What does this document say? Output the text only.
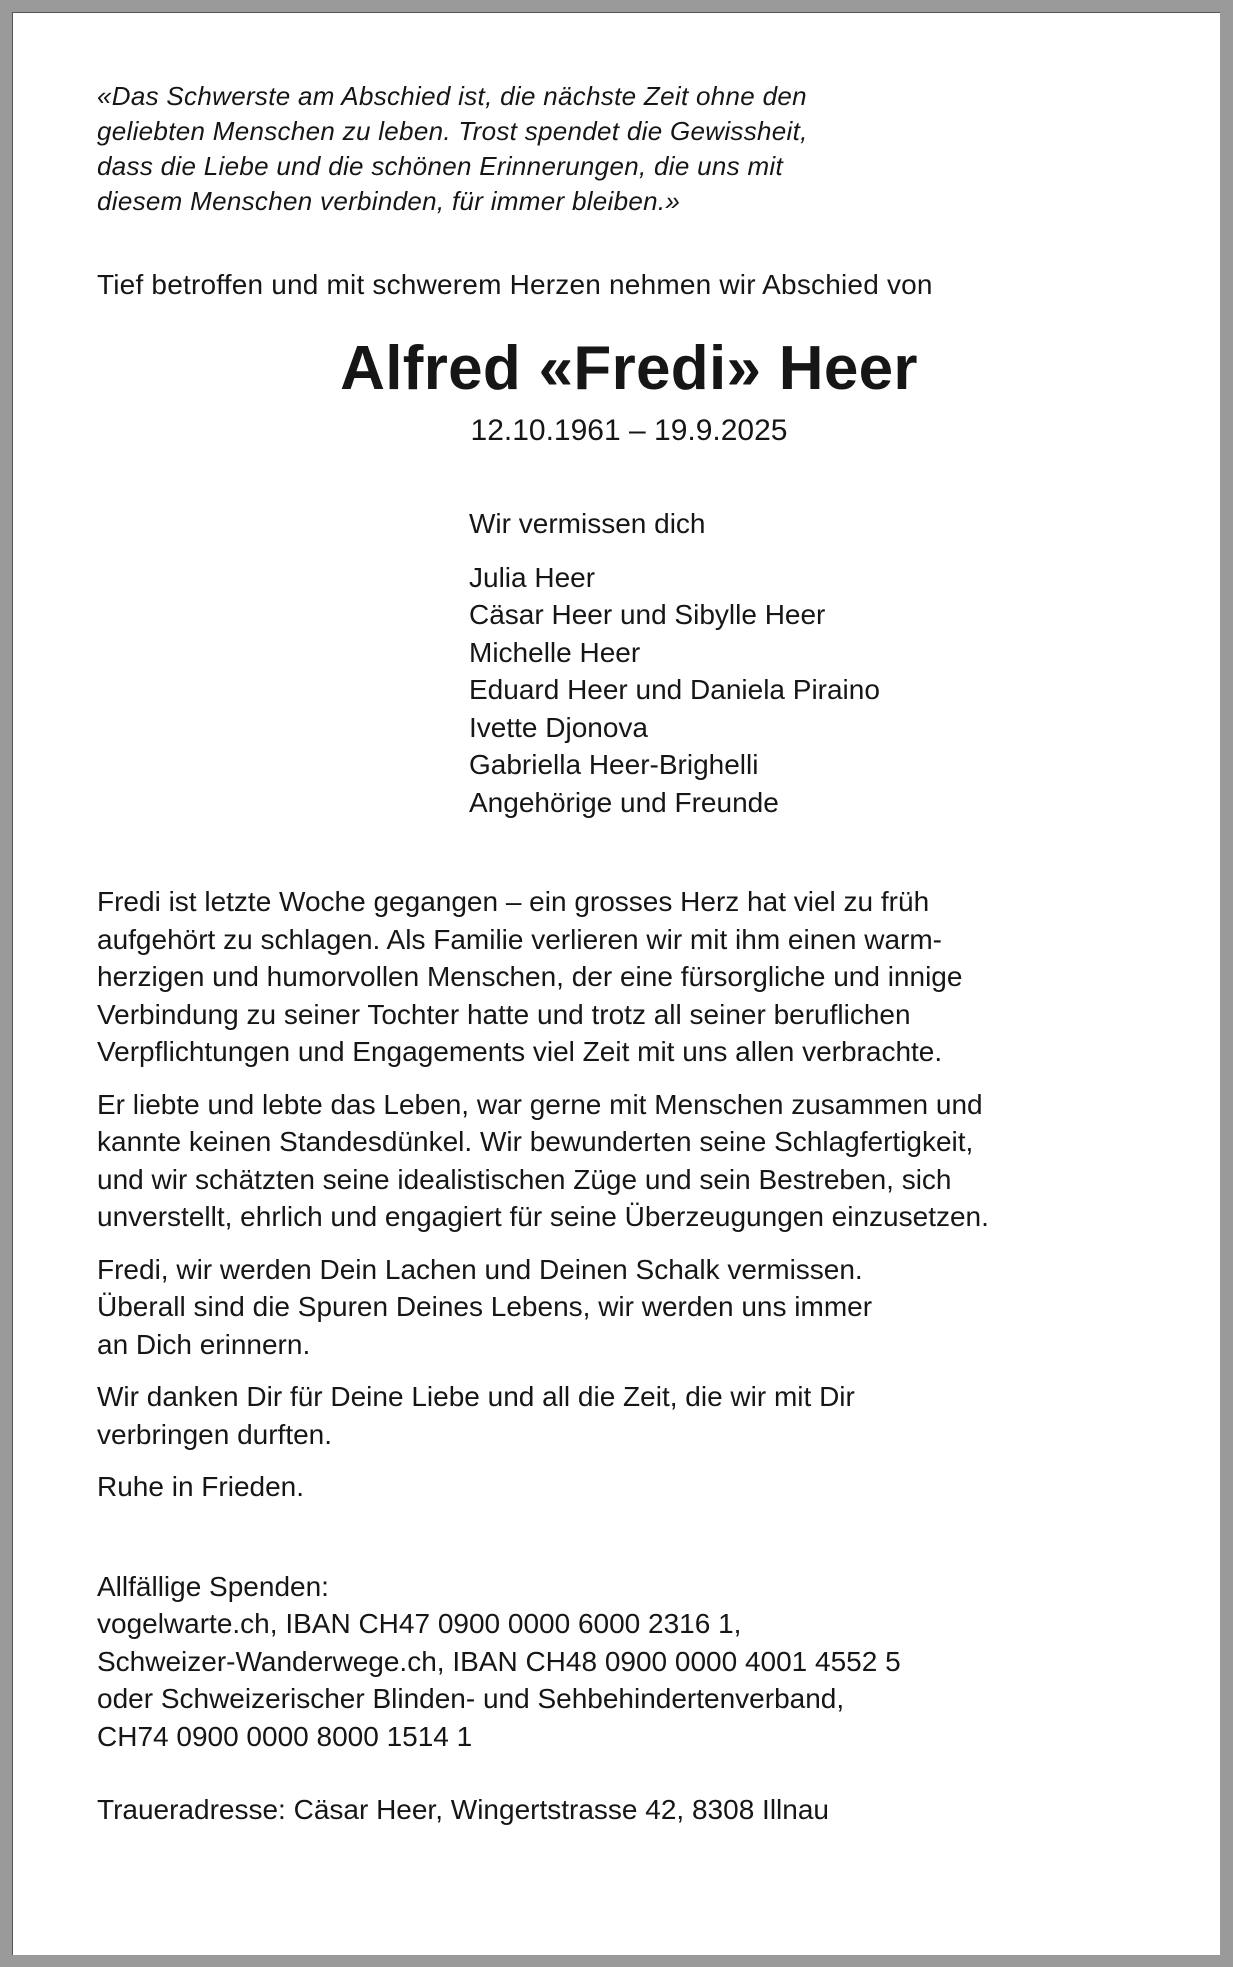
«Das Schwerste am Abschied ist, die nächste Zeit ohne den
geliebten Menschen zu leben. Trost spendet die Gewissheit,
dass die Liebe und die schönen Erinnerungen, die uns mit
diesem Menschen verbinden, für immer bleiben.»

Tief betroffen und mit schwerem Herzen nehmen wir Abschied von

Alfred «Fredi» Heer
12.10.1961 – 19.9.2025
Wir vermissen dich
Julia Heer
Cäsar Heer und Sibylle Heer
Michelle Heer
Eduard Heer und Daniela Piraino
Ivette Djonova
Gabriella Heer-Brighelli
Angehörige und Freunde
Fredi ist letzte Woche gegangen – ein grosses Herz hat viel zu früh
aufgehört zu schlagen. Als Familie verlieren wir mit ihm einen warm-
herzigen und humorvollen Menschen, der eine fürsorgliche und innige
Verbindung zu seiner Tochter hatte und trotz all seiner beruflichen
Verpflichtungen und Engagements viel Zeit mit uns allen verbrachte.
Er liebte und lebte das Leben, war gerne mit Menschen zusammen und
kannte keinen Standesdünkel. Wir bewunderten seine Schlagfertigkeit,
und wir schätzten seine idealistischen Züge und sein Bestreben, sich
unverstellt, ehrlich und engagiert für seine Überzeugungen einzusetzen.
Fredi, wir werden Dein Lachen und Deinen Schalk vermissen.
Überall sind die Spuren Deines Lebens, wir werden uns immer
an Dich erinnern.
Wir danken Dir für Deine Liebe und all die Zeit, die wir mit Dir
verbringen durften.
Ruhe in Frieden.
Allfällige Spenden:
vogelwarte.ch, IBAN CH47 0900 0000 6000 2316 1,
Schweizer-Wanderwege.ch, IBAN CH48 0900 0000 4001 4552 5
oder Schweizerischer Blinden- und Sehbehindertenverband,
CH74 0900 0000 8000 1514 1
Traueradresse: Cäsar Heer, Wingertstrasse 42, 8308 Illnau
